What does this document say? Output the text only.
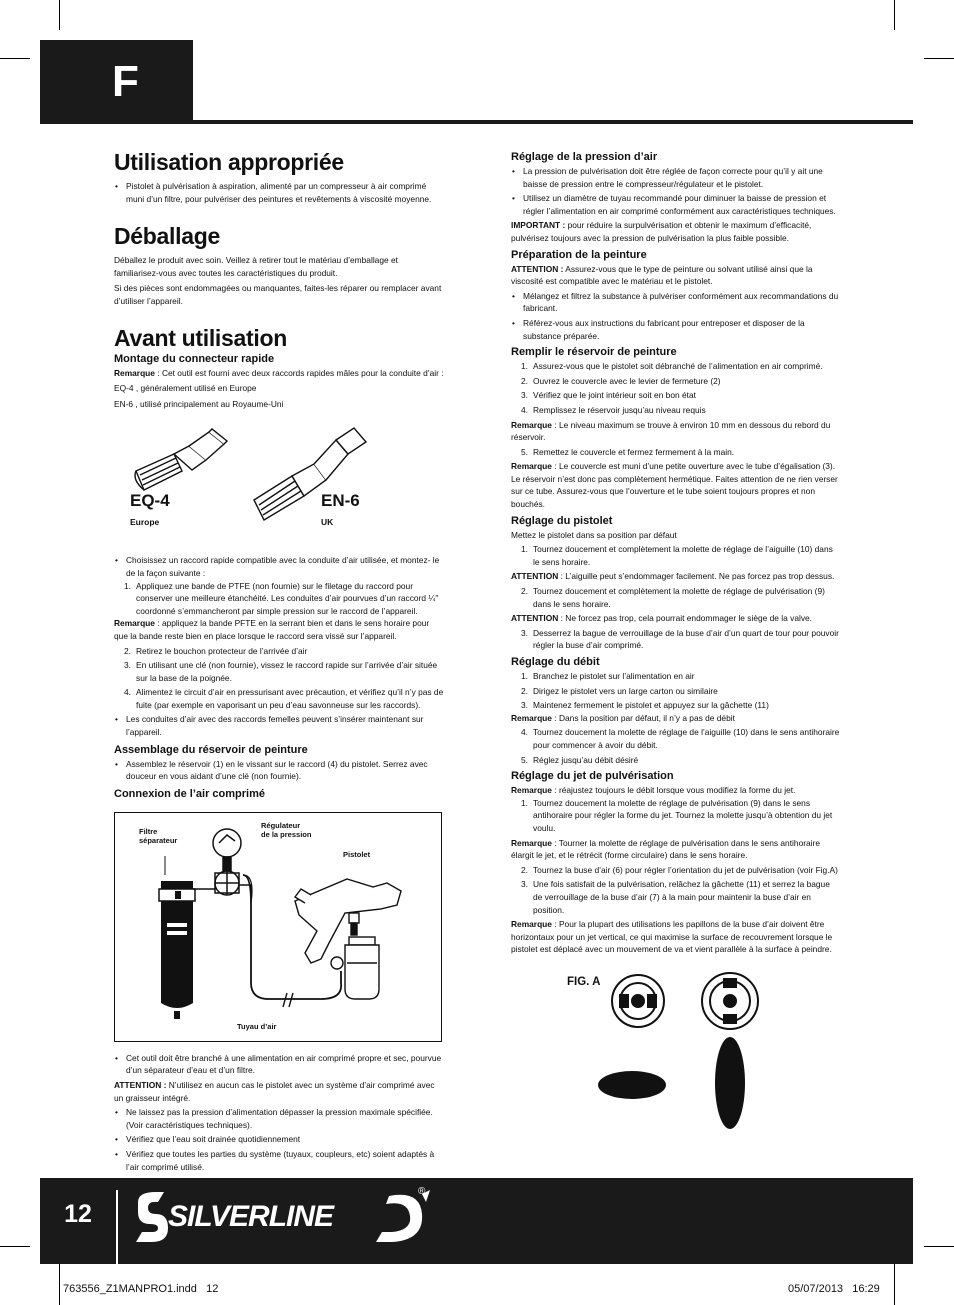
F
Utilisation appropriée
• Pistolet à pulvérisation à aspiration, alimenté par un compresseur à air comprimé muni d’un filtre, pour pulvériser des peintures et revêtements à viscosité moyenne.
Déballage

Déballez le produit avec soin. Veillez à retirer tout le matériau d’emballage et familiarisez-vous avec toutes les caractéristiques du produit.

Si des pièces sont endommagées ou manquantes, faites-les réparer ou remplacer avant d’utiliser l’appareil.

Avant utilisation
Montage du connecteur rapide

Remarque : Cet outil est fourni avec deux raccords rapides mâles pour la conduite d’air :

EQ-4 , généralement utilisé en Europe

EN-6 , utilisé principalement au Royaume-Uni

EQ-4
Europe
EN-6
UK
• Choisissez un raccord rapide compatible avec la conduite d’air utilisée, et montez- le de la façon suivante :
1. Appliquez une bande de PTFE (non fournie) sur le filetage du raccord pour conserver une meilleure étanchéité. Les conduites d’air pourvues d’un raccord ¼" coordonné s’emmancheront par simple pression sur le raccord de l’appareil.

Remarque : appliquez la bande PFTE en la serrant bien et dans le sens horaire pour que la bande reste bien en place lorsque le raccord sera vissé sur l’appareil.

2. Retirez le bouchon protecteur de l’arrivée d’air
3. En utilisant une clé (non fournie), vissez le raccord rapide sur l’arrivée d’air située sur la base de la poignée.
4. Alimentez le circuit d’air en pressurisant avec précaution, et vérifiez qu’il n’y pas de fuite (par exemple en vaporisant un peu d’eau savonneuse sur les raccords).
• Les conduites d’air avec des raccords femelles peuvent s’insérer maintenant sur l’appareil.
Assemblage du réservoir de peinture
• Assemblez le réservoir (1) en le vissant sur le raccord (4) du pistolet. Serrez avec douceur en vous aidant d’une clé (non fournie).
Connexion de l’air comprimé
Filtre
séparateur
Régulateur
de la pression
Pistolet
Tuyau d’air
• Cet outil doit être branché à une alimentation en air comprimé propre et sec, pourvue d’un séparateur d’eau et d’un filtre.

ATTENTION : N’utilisez en aucun cas le pistolet avec un système d’air comprimé avec un graisseur intégré.

• Ne laissez pas la pression d’alimentation dépasser la pression maximale spécifiée. (Voir caractéristiques techniques).
• Vérifiez que l’eau soit drainée quotidiennement
• Vérifiez que toutes les parties du système (tuyaux, coupleurs, etc) soient adaptés à l’air comprimé utilisé.
Réglage de la pression d’air
• La pression de pulvérisation doit être réglée de façon correcte pour qu’il y ait une baisse de pression entre le compresseur/régulateur et le pistolet.
• Utilisez un diamètre de tuyau recommandé pour diminuer la baisse de pression et régler l’alimentation en air comprimé conformément aux caractéristiques techniques.

IMPORTANT : pour réduire la surpulvérisation et obtenir le maximum d’efficacité, pulvérisez toujours avec la pression de pulvérisation la plus faible possible.

Préparation de la peinture

ATTENTION : Assurez-vous que le type de peinture ou solvant utilisé ainsi que la viscosité est compatible avec le matériau et le pistolet.

• Mélangez et filtrez la substance à pulvériser conformément aux recommandations du fabricant.
• Référez-vous aux instructions du fabricant pour entreposer et disposer de la substance préparée.
Remplir le réservoir de peinture
1. Assurez-vous que le pistolet soit débranché de l’alimentation en air comprimé.
2. Ouvrez le couvercle avec le levier de fermeture (2)
3. Vérifiez que le joint intérieur soit en bon état
4. Remplissez le réservoir jusqu’au niveau requis

Remarque : Le niveau maximum se trouve à environ 10 mm en dessous du rebord du réservoir.

5. Remettez le couvercle et fermez fermement à la main.

Remarque : Le couvercle est muni d’une petite ouverture avec le tube d’égalisation (3). Le réservoir n’est donc pas complètement hermétique. Faites attention de ne rien verser sur ce tube. Assurez-vous que l’ouverture et le tube soient toujours propres et non bouchés.

Réglage du pistolet

Mettez le pistolet dans sa position par défaut

1. Tournez doucement et complètement la molette de réglage de l’aiguille (10) dans le sens horaire.

ATTENTION : L’aiguille peut s’endommager facilement. Ne pas forcez pas trop dessus.

2. Tournez doucement et complètement la molette de réglage de pulvérisation (9) dans le sens horaire.

ATTENTION : Ne forcez pas trop, cela pourrait endommager le siège de la valve.

3. Desserrez la bague de verrouillage de la buse d’air d’un quart de tour pour pouvoir régler la buse d’air comprimé.
Réglage du débit
1. Branchez le pistolet sur l’alimentation en air
2. Dirigez le pistolet vers un large carton ou similaire
3. Maintenez fermement le pistolet et appuyez sur la gâchette (11)

Remarque : Dans la position par défaut, il n’y a pas de débit

4. Tournez doucement la molette de réglage de l’aiguille (10) dans le sens antihoraire pour commencer à avoir du débit.
5. Réglez jusqu’au débit désiré
Réglage du jet de pulvérisation

Remarque : réajustez toujours le débit lorsque vous modifiez la forme du jet.

1. Tournez doucement la molette de réglage de pulvérisation (9) dans le sens antihoraire pour régler la forme du jet. Tournez la molette jusqu’à obtention du jet voulu.

Remarque : Tourner la molette de réglage de pulvérisation dans le sens antihoraire élargit le jet, et le rétrécit (forme circulaire) dans le sens horaire.

2. Tournez la buse d’air (6) pour régler l’orientation du jet de pulvérisation (voir Fig.A)
3. Une fois satisfait de la pulvérisation, relâchez la gâchette (11) et serrez la bague de verrouillage de la buse d’air (7) à la main pour maintenir la buse d’air en position.

Remarque : Pour la plupart des utilisations les papillons de la buse d’air doivent être horizontaux pour un jet vertical, ce qui maximise la surface de recouvrement lorsque le pistolet est déplacé avec un mouvement de va et vient parallèle à la surface à peindre.

FIG. A
12	SILVERLINE
®
763556_Z1MANPRO1.indd   12	05/07/2013   16:29
